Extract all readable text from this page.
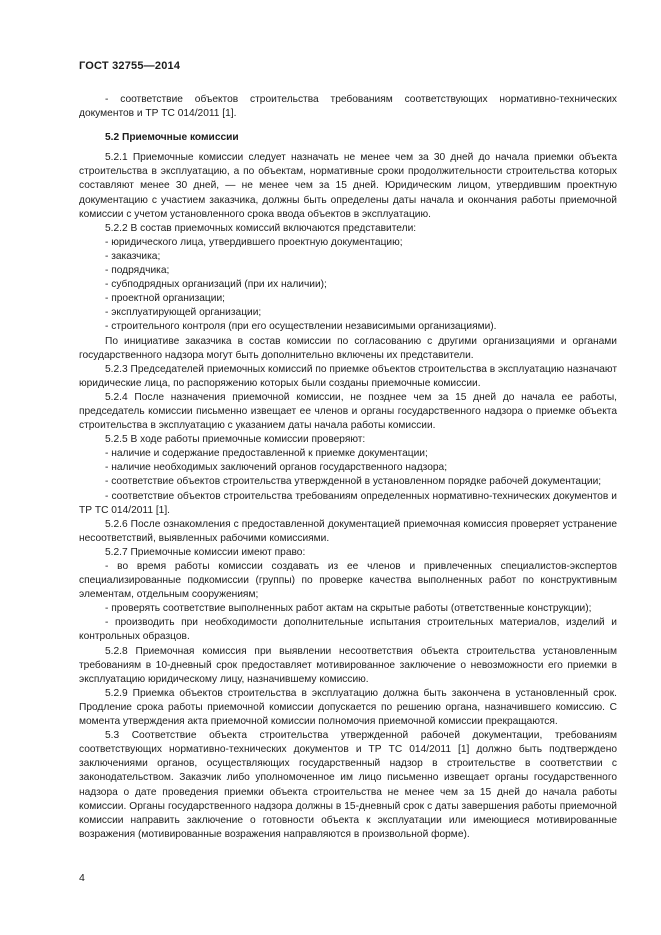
ГОСТ 32755—2014

- соответствие объектов строительства требованиям соответствующих нормативно-технических документов и ТР ТС 014/2011 [1].

5.2 Приемочные комиссии

5.2.1 Приемочные комиссии следует назначать не менее чем за 30 дней до начала приемки объекта строительства в эксплуатацию, а по объектам, нормативные сроки продолжительности строительства которых составляют менее 30 дней, — не менее чем за 15 дней. Юридическим лицом, утвердившим проектную документацию с участием заказчика, должны быть определены даты начала и окончания работы приемочной комиссии с учетом установленного срока ввода объектов в эксплуатацию.

5.2.2 В состав приемочных комиссий включаются представители:

- юридического лица, утвердившего проектную документацию;

- заказчика;

- подрядчика;

- субподрядных организаций (при их наличии);

- проектной организации;

- эксплуатирующей организации;

- строительного контроля (при его осуществлении независимыми организациями).

По инициативе заказчика в состав комиссии по согласованию с другими организациями и органами государственного надзора могут быть дополнительно включены их представители.

5.2.3 Председателей приемочных комиссий по приемке объектов строительства в эксплуатацию назначают юридические лица, по распоряжению которых были созданы приемочные комиссии.

5.2.4 После назначения приемочной комиссии, не позднее чем за 15 дней до начала ее работы, председатель комиссии письменно извещает ее членов и органы государственного надзора о приемке объекта строительства в эксплуатацию с указанием даты начала работы комиссии.

5.2.5 В ходе работы приемочные комиссии проверяют:

- наличие и содержание предоставленной к приемке документации;

- наличие необходимых заключений органов государственного надзора;

- соответствие объектов строительства утвержденной в установленном порядке рабочей документации;

- соответствие объектов строительства требованиям определенных нормативно-технических документов и ТР ТС 014/2011 [1].

5.2.6 После ознакомления с предоставленной документацией приемочная комиссия проверяет устранение несоответствий, выявленных рабочими комиссиями.

5.2.7 Приемочные комиссии имеют право:

- во время работы комиссии создавать из ее членов и привлеченных специалистов-экспертов специализированные подкомиссии (группы) по проверке качества выполненных работ по конструктивным элементам, отдельным сооружениям;

- проверять соответствие выполненных работ актам на скрытые работы (ответственные конструкции);

- производить при необходимости дополнительные испытания строительных материалов, изделий и контрольных образцов.

5.2.8 Приемочная комиссия при выявлении несоответствия объекта строительства установленным требованиям в 10-дневный срок предоставляет мотивированное заключение о невозможности его приемки в эксплуатацию юридическому лицу, назначившему комиссию.

5.2.9 Приемка объектов строительства в эксплуатацию должна быть закончена в установленный срок. Продление срока работы приемочной комиссии допускается по решению органа, назначившего комиссию. С момента утверждения акта приемочной комиссии полномочия приемочной комиссии прекращаются.

5.3 Соответствие объекта строительства утвержденной рабочей документации, требованиям соответствующих нормативно-технических документов и ТР ТС 014/2011 [1] должно быть подтверждено заключениями органов, осуществляющих государственный надзор в строительстве в соответствии с законодательством. Заказчик либо уполномоченное им лицо письменно извещает органы государственного надзора о дате проведения приемки объекта строительства не менее чем за 15 дней до начала работы комиссии. Органы государственного надзора должны в 15-дневный срок с даты завершения работы приемочной комиссии направить заключение о готовности объекта к эксплуатации или имеющиеся мотивированные возражения (мотивированные возражения направляются в произвольной форме).

4
